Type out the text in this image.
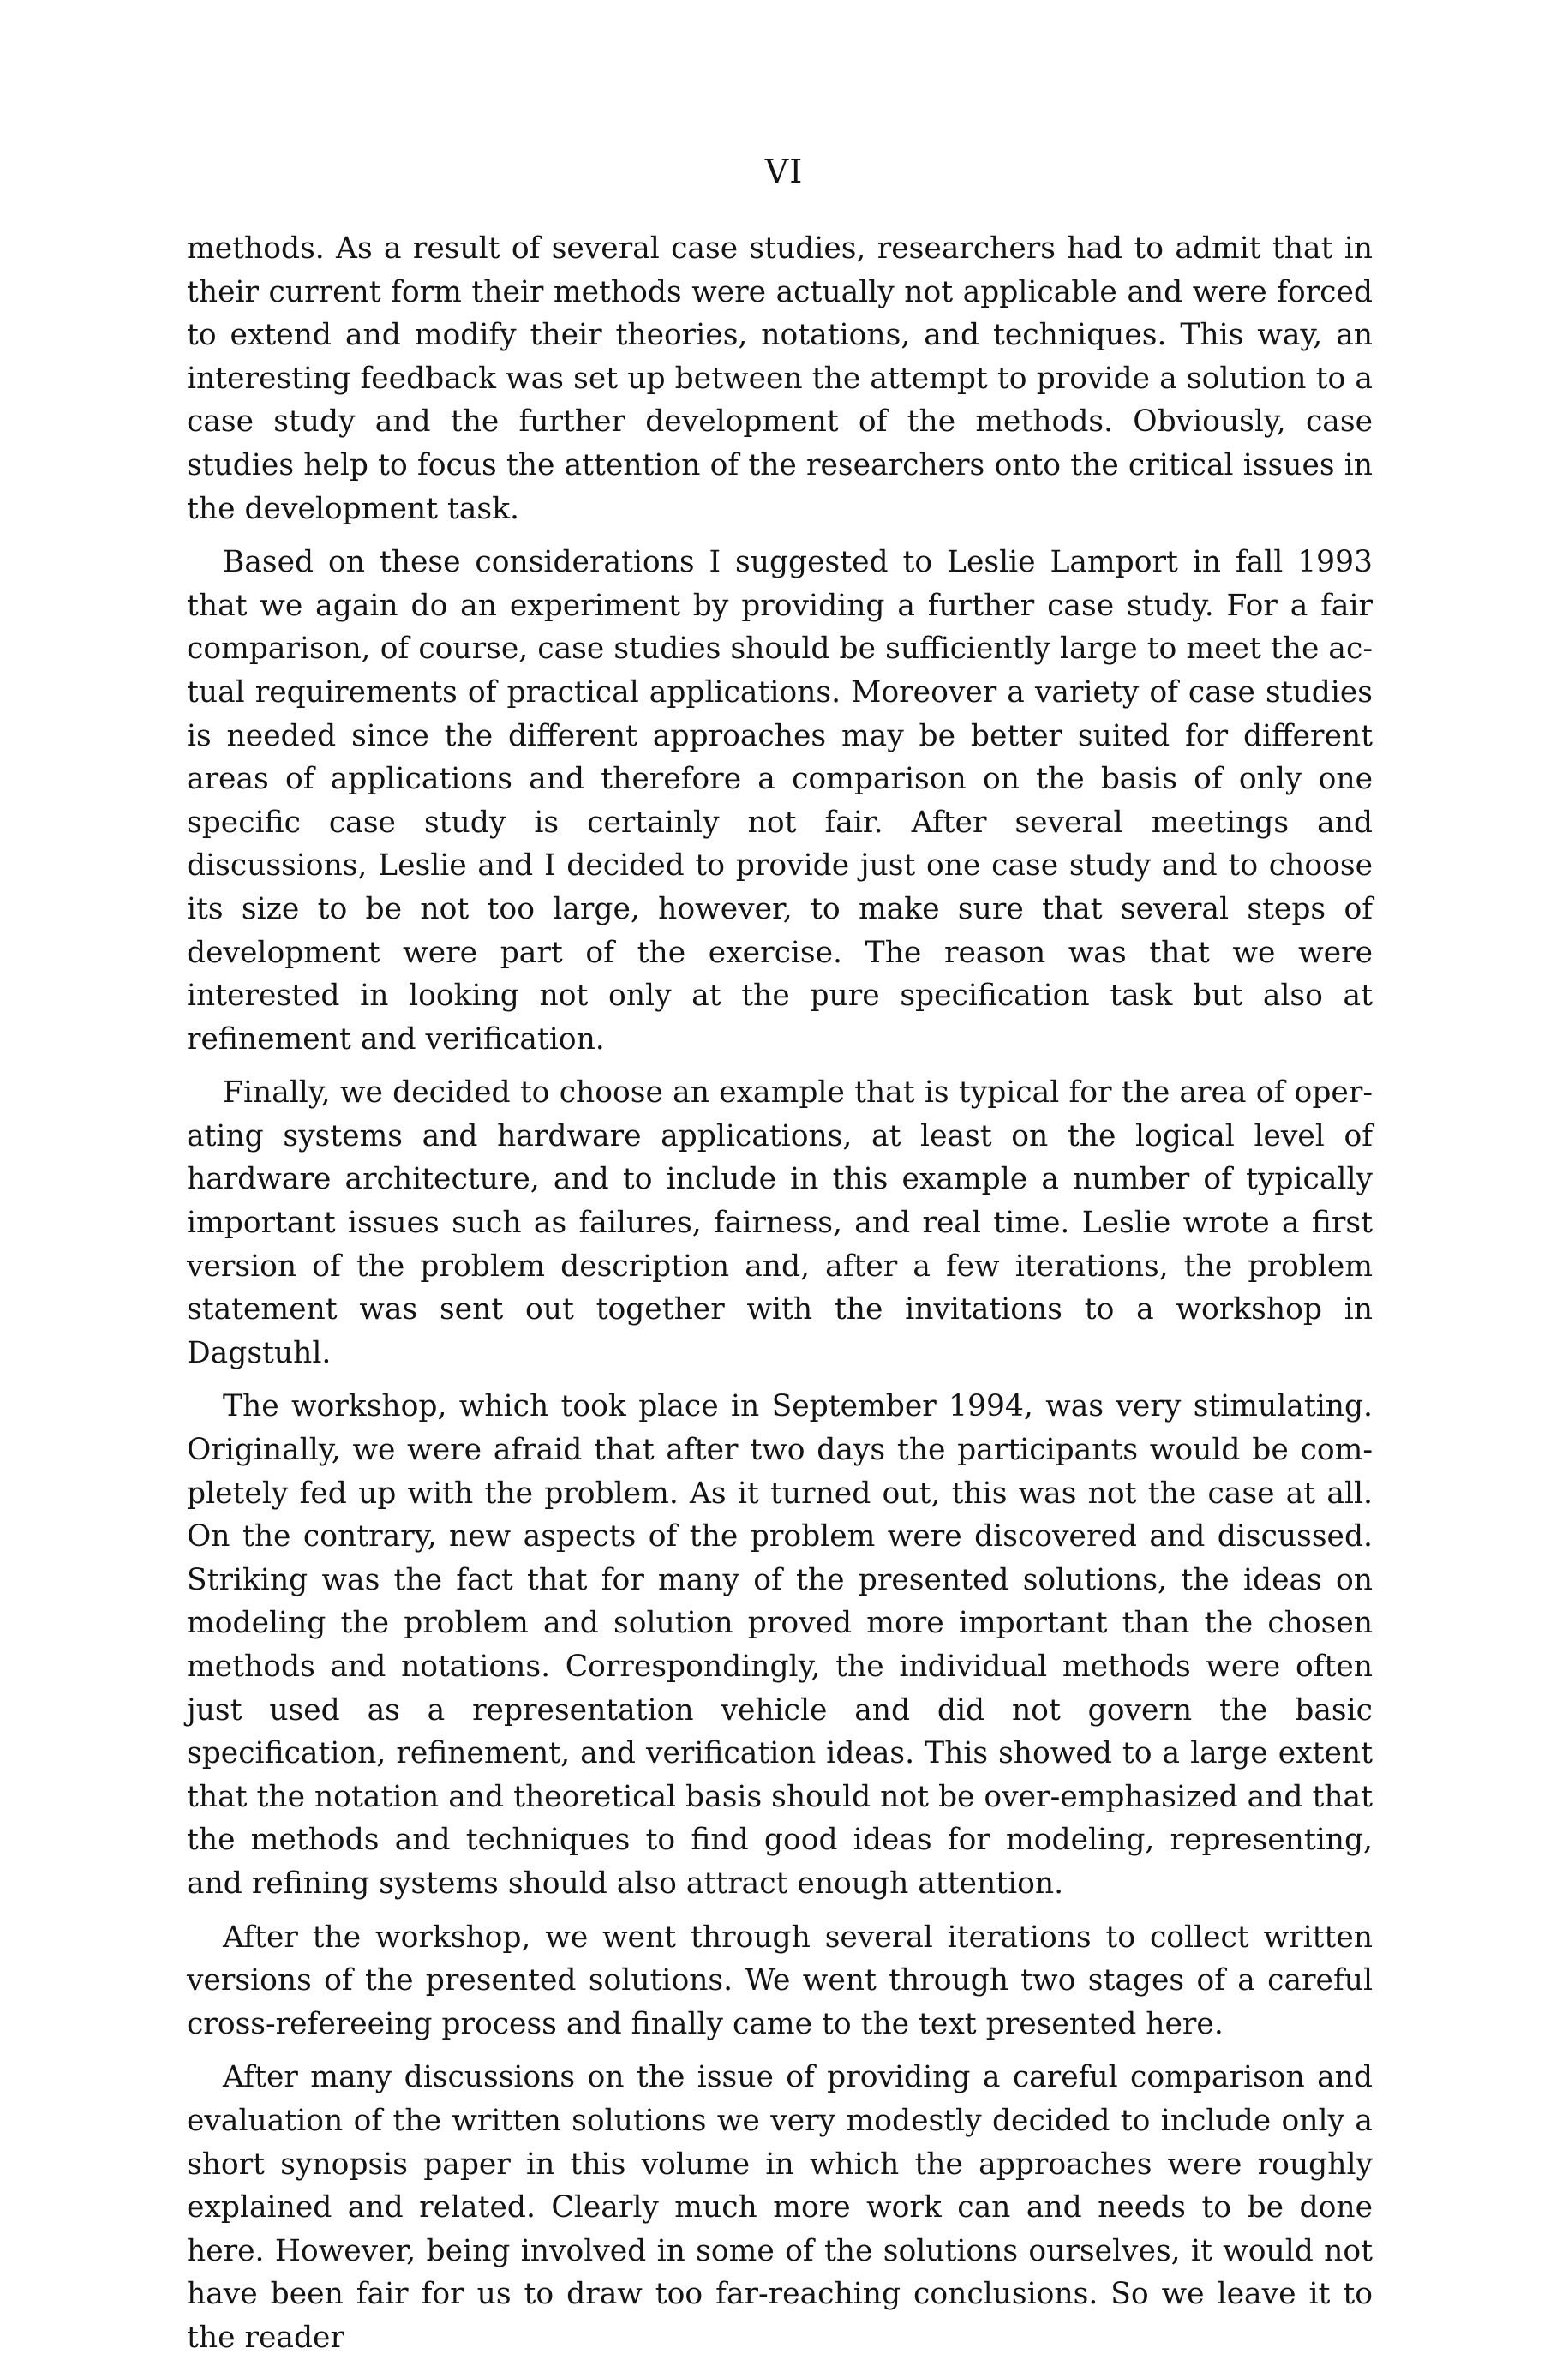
VI

methods. As a result of several case studies, researchers had to admit that in their current form their methods were actually not applicable and were forced to extend and modify their theories, notations, and techniques. This way, an interesting feedback was set up between the attempt to provide a solution to a case study and the further development of the methods. Obviously, case studies help to focus the attention of the researchers onto the critical issues in the development task.

Based on these considerations I suggested to Leslie Lamport in fall 1993 that we again do an experiment by providing a further case study. For a fair comparison, of course, case studies should be sufficiently large to meet the actual requirements of practical applications. Moreover a variety of case studies is needed since the different approaches may be better suited for different areas of applications and therefore a comparison on the basis of only one specific case study is certainly not fair. After several meetings and discussions, Leslie and I decided to provide just one case study and to choose its size to be not too large, however, to make sure that several steps of development were part of the exercise. The reason was that we were interested in looking not only at the pure specification task but also at refinement and verification.

Finally, we decided to choose an example that is typical for the area of operating systems and hardware applications, at least on the logical level of hardware architecture, and to include in this example a number of typically important issues such as failures, fairness, and real time. Leslie wrote a first version of the problem description and, after a few iterations, the problem statement was sent out together with the invitations to a workshop in Dagstuhl.

The workshop, which took place in September 1994, was very stimulating. Originally, we were afraid that after two days the participants would be completely fed up with the problem. As it turned out, this was not the case at all. On the contrary, new aspects of the problem were discovered and discussed. Striking was the fact that for many of the presented solutions, the ideas on modeling the problem and solution proved more important than the chosen methods and notations. Correspondingly, the individual methods were often just used as a representation vehicle and did not govern the basic specification, refinement, and verification ideas. This showed to a large extent that the notation and theoretical basis should not be over-emphasized and that the methods and techniques to find good ideas for modeling, representing, and refining systems should also attract enough attention.

After the workshop, we went through several iterations to collect written versions of the presented solutions. We went through two stages of a careful cross-refereeing process and finally came to the text presented here.

After many discussions on the issue of providing a careful comparison and evaluation of the written solutions we very modestly decided to include only a short synopsis paper in this volume in which the approaches were roughly explained and related. Clearly much more work can and needs to be done here. However, being involved in some of the solutions ourselves, it would not have been fair for us to draw too far-reaching conclusions. So we leave it to the reader
